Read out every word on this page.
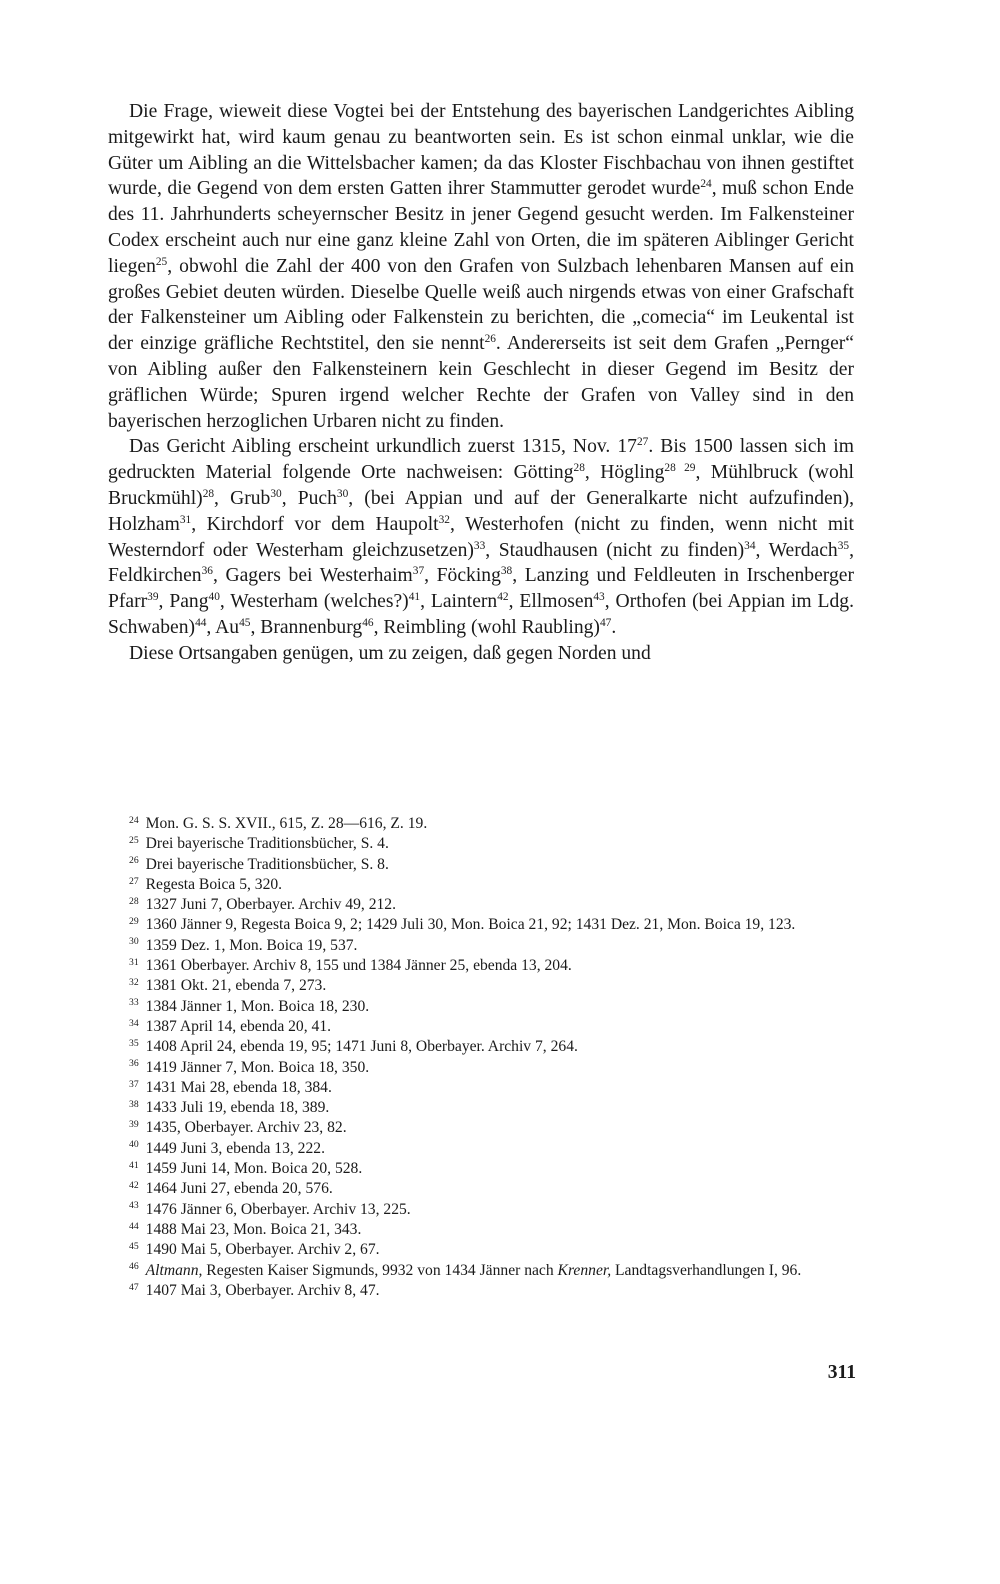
Die Frage, wieweit diese Vogtei bei der Entstehung des bayerischen Landgerichtes Aibling mitgewirkt hat, wird kaum genau zu beantworten sein. Es ist schon einmal unklar, wie die Güter um Aibling an die Wittelsbacher kamen; da das Kloster Fischbachau von ihnen gestiftet wurde, die Gegend von dem ersten Gatten ihrer Stammutter gerodet wurde$^{24}$, muß schon Ende des 11. Jahrhunderts scheyernscher Besitz in jener Gegend gesucht werden. Im Falkensteiner Codex erscheint auch nur eine ganz kleine Zahl von Orten, die im späteren Aiblinger Gericht liegen$^{25}$, obwohl die Zahl der 400 von den Grafen von Sulzbach lehenbaren Mansen auf ein großes Gebiet deuten würden. Dieselbe Quelle weiß auch nirgends etwas von einer Grafschaft der Falkensteiner um Aibling oder Falkenstein zu berichten, die „comecia“ im Leukental ist der einzige gräfliche Rechtstitel, den sie nennt$^{26}$. Andererseits ist seit dem Grafen „Pernger“ von Aibling außer den Falkensteinern kein Geschlecht in dieser Gegend im Besitz der gräflichen Würde; Spuren irgend welcher Rechte der Grafen von Valley sind in den bayerischen herzoglichen Urbaren nicht zu finden.

Das Gericht Aibling erscheint urkundlich zuerst 1315, Nov. $17^{27}$. Bis 1500 lassen sich im gedruckten Material folgende Orte nachweisen: Götting$^{28}$, Högling$^{28 29}$, Mühlbruck (wohl Bruckmühl)$^{28}$, Grub$^{30}$, Puch$^{30}$, (bei Appian und auf der Generalkarte nicht aufzufinden), Holzham$^{31}$, Kirchdorf vor dem Haupolt$^{32}$, Westerhofen (nicht zu finden, wenn nicht mit Westerndorf oder Westerham gleichzusetzen)$^{33}$, Staudhausen (nicht zu finden)$^{34}$, Werdach$^{35}$, Feldkirchen$^{36}$, Gagers bei Westerhaim$^{37}$, Föcking$^{38}$, Lanzing und Feldleuten in Irschenberger Pfarr$^{39}$, Pang$^{40}$, Westerham (welches?)$^{41}$, Laintern$^{42}$, Ellmosen$^{43}$, Orthofen (bei Appian im Ldg. Schwaben)$^{44}$, Au$^{45}$, Brannenburg$^{46}$, Reimbling (wohl Raubling)$^{47}$.

Diese Ortsangaben genügen, um zu zeigen, daß gegen Norden und

$^{24}$ Mon. G. S. S. XVII., 615, Z. 28—616, Z. 19.

$^{25}$ Drei bayerische Traditionsbücher, S. 4.

$^{26}$ Drei bayerische Traditionsbücher, S. 8.

$^{27}$ Regesta Boica 5, 320.

$^{28}$ 1327 Juni 7, Oberbayer. Archiv 49, 212.

$^{29}$ 1360 Jänner 9, Regesta Boica 9, 2; 1429 Juli 30, Mon. Boica 21, 92; 1431 Dez. 21, Mon. Boica 19, 123.

$^{30}$ 1359 Dez. 1, Mon. Boica 19, 537.

$^{31}$ 1361 Oberbayer. Archiv 8, 155 und 1384 Jänner 25, ebenda 13, 204.

$^{32}$ 1381 Okt. 21, ebenda 7, 273.

$^{33}$ 1384 Jänner 1, Mon. Boica 18, 230.

$^{34}$ 1387 April 14, ebenda 20, 41.

$^{35}$ 1408 April 24, ebenda 19, 95; 1471 Juni 8, Oberbayer. Archiv 7, 264.

$^{36}$ 1419 Jänner 7, Mon. Boica 18, 350.

$^{37}$ 1431 Mai 28, ebenda 18, 384.

$^{38}$ 1433 Juli 19, ebenda 18, 389.

$^{39}$ 1435, Oberbayer. Archiv 23, 82.

$^{40}$ 1449 Juni 3, ebenda 13, 222.

$^{41}$ 1459 Juni 14, Mon. Boica 20, 528.

$^{42}$ 1464 Juni 27, ebenda 20, 576.

$^{43}$ 1476 Jänner 6, Oberbayer. Archiv 13, 225.

$^{44}$ 1488 Mai 23, Mon. Boica 21, 343.

$^{45}$ 1490 Mai 5, Oberbayer. Archiv 2, 67.

$^{46}$ Altmann, Regesten Kaiser Sigmunds, 9932 von 1434 Jänner nach Krenner, Landtagsverhandlungen I, 96.

$^{47}$ 1407 Mai 3, Oberbayer. Archiv 8, 47.

311
